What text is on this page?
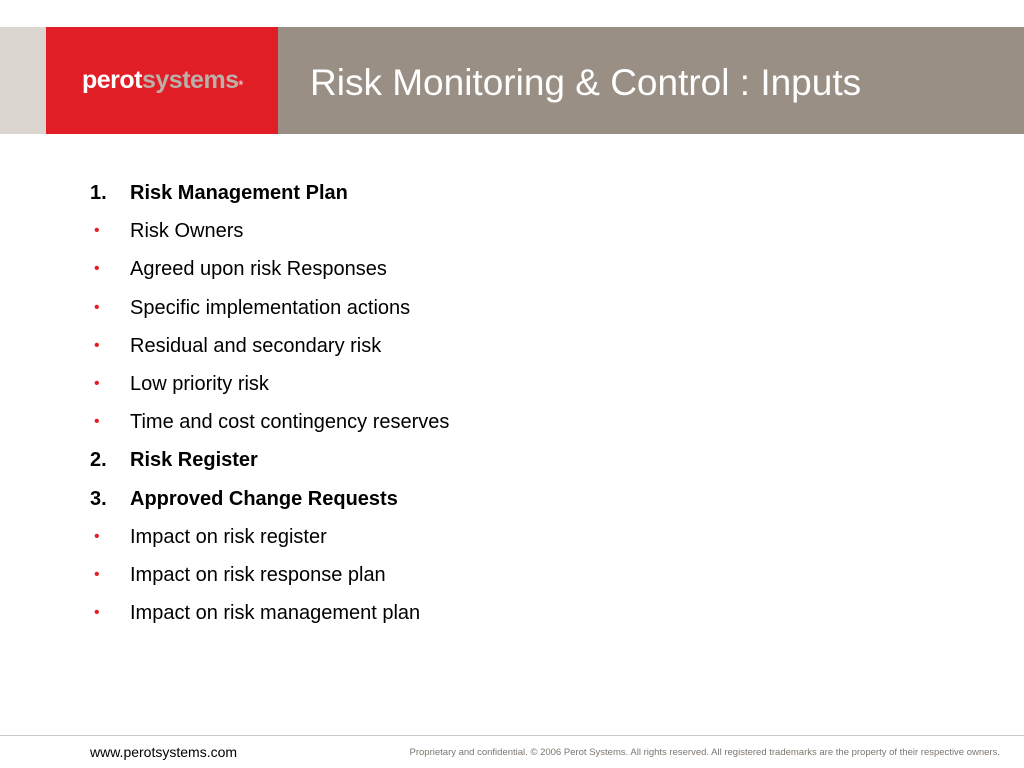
perotsystems® Risk Monitoring & Control : Inputs
1.	Risk Management Plan
•	Risk Owners
•	Agreed upon risk Responses
•	Specific implementation actions
•	Residual and secondary risk
•	Low priority risk
•	Time and cost contingency reserves
2.	Risk Register
3.	Approved Change Requests
•	Impact on risk register
•	Impact on risk response plan
•	Impact on risk management plan
www.perotsystems.com	Proprietary and confidential. © 2006 Perot Systems. All rights reserved. All registered trademarks are the property of their respective owners.
